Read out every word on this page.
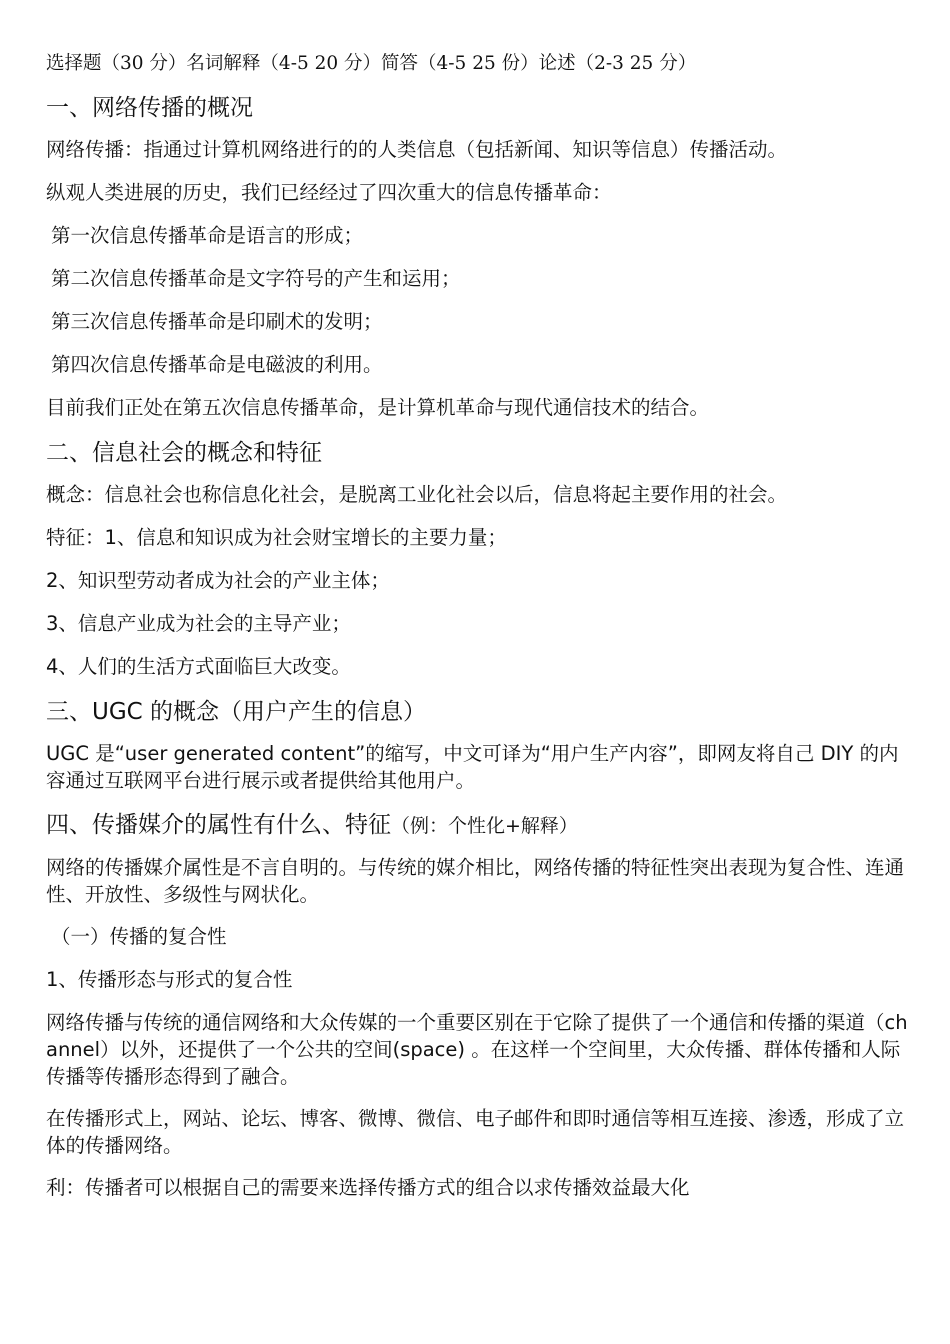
选择题（30 分）名词解释（4-5 20 分）简答（4-5 25 份）论述（2-3 25 分）
一、网络传播的概况
网络传播：指通过计算机网络进行的的人类信息（包括新闻、知识等信息）传播活动。
纵观人类进展的历史，我们已经经过了四次重大的信息传播革命：
第一次信息传播革命是语言的形成；
第二次信息传播革命是文字符号的产生和运用；
第三次信息传播革命是印刷术的发明；
第四次信息传播革命是电磁波的利用。
目前我们正处在第五次信息传播革命，是计算机革命与现代通信技术的结合。
二、信息社会的概念和特征
概念：信息社会也称信息化社会，是脱离工业化社会以后，信息将起主要作用的社会。
特征：1、信息和知识成为社会财宝增长的主要力量；
2、知识型劳动者成为社会的产业主体；
3、信息产业成为社会的主导产业；
4、人们的生活方式面临巨大改变。
三、UGC 的概念（用户产生的信息）
UGC 是“user generated content”的缩写，中文可译为“用户生产内容”，即网友将自己 DIY 的内容通过互联网平台进行展示或者提供给其他用户。
四、传播媒介的属性有什么、特征（例：个性化+解释）
网络的传播媒介属性是不言自明的。与传统的媒介相比，网络传播的特征性突出表现为复合性、连通性、开放性、多级性与网状化。
（一）传播的复合性
1、传播形态与形式的复合性
网络传播与传统的通信网络和大众传媒的一个重要区别在于它除了提供了一个通信和传播的渠道（channel）以外，还提供了一个公共的空间(space) 。在这样一个空间里，大众传播、群体传播和人际传播等传播形态得到了融合。
在传播形式上，网站、论坛、博客、微博、微信、电子邮件和即时通信等相互连接、渗透，形成了立体的传播网络。
利：传播者可以根据自己的需要来选择传播方式的组合以求传播效益最大化
